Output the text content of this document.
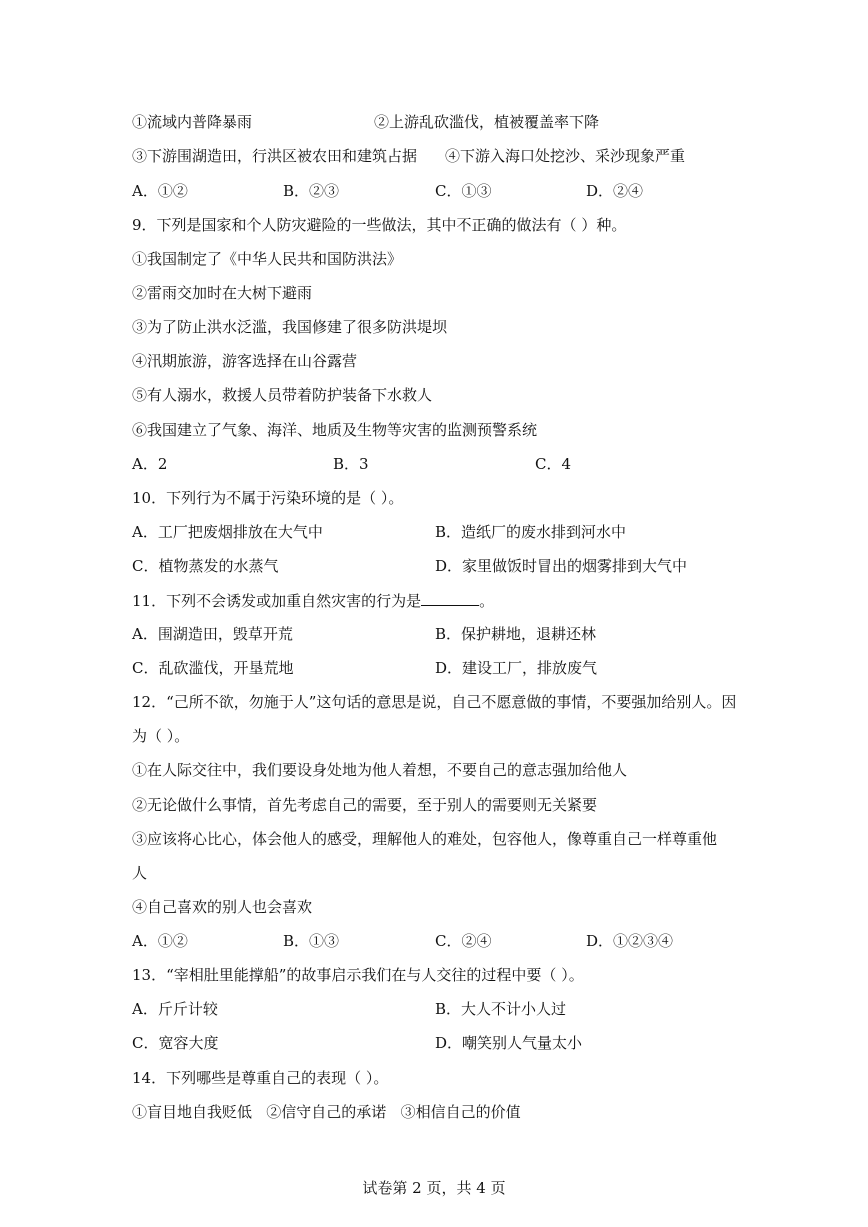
①流域内普降暴雨	②上游乱砍滥伐，植被覆盖率下降
③下游围湖造田，行洪区被农田和建筑占据 ④下游入海口处挖沙、采沙现象严重
A．①②	B．②③	C．①③	D．②④
9．下列是国家和个人防灾避险的一些做法，其中不正确的做法有（ ）种。
①我国制定了《中华人民共和国防洪法》
②雷雨交加时在大树下避雨
③为了防止洪水泛滥，我国修建了很多防洪堤坝
④汛期旅游，游客选择在山谷露营
⑤有人溺水，救援人员带着防护装备下水救人
⑥我国建立了气象、海洋、地质及生物等灾害的监测预警系统
A．2	B．3	C．4
10．下列行为不属于污染环境的是（ ）。
A．工厂把废烟排放在大气中	B．造纸厂的废水排到河水中
C．植物蒸发的水蒸气	D．家里做饭时冒出的烟雾排到大气中
11．下列不会诱发或加重自然灾害的行为是	。
A．围湖造田，毁草开荒	B．保护耕地，退耕还林
C．乱砍滥伐，开垦荒地	D．建设工厂，排放废气
12．“己所不欲，勿施于人”这句话的意思是说，自己不愿意做的事情，不要强加给别人。因
为（ ）。
①在人际交往中，我们要设身处地为他人着想，不要自己的意志强加给他人
②无论做什么事情，首先考虑自己的需要，至于别人的需要则无关紧要
③应该将心比心，体会他人的感受，理解他人的难处，包容他人，像尊重自己一样尊重他
人
④自己喜欢的别人也会喜欢
A．①②	B．①③	C．②④	D．①②③④
13．“宰相肚里能撑船”的故事启示我们在与人交往的过程中要（ ）。
A．斤斤计较	B．大人不计小人过
C．宽容大度	D．嘲笑别人气量太小
14．下列哪些是尊重自己的表现（ ）。
①盲目地自我贬低   ②信守自己的承诺   ③相信自己的价值
试卷第 2 页，共 4 页
